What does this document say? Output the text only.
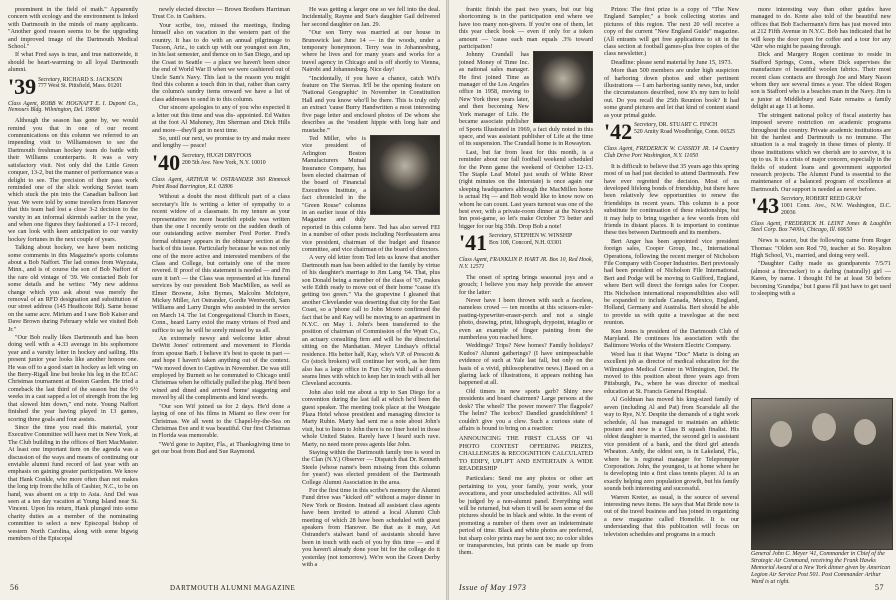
preeminent in the field of math." Apparently concern with ecology and the environment is linked with Dartmouth in the minds of many applicants. "Another good reason seems to be the upgrading and improved image of the Dartmouth Medical School."

If what Fred says is true, and true nationwide, it should be heart-warming to all loyal Dartmouth alumni.

'39 Secretary, RICHARD S. JACKSON
777 West St. Pittsfield, Mass. 01201
Class Agent, ROBB W. HOGNAFT E. I. Dupont Co., Nemours Bldg. Wilmington, Del. 19898

Although the season has gone by, we would remind you that in one of our recent communications on this column we referred to an impending visit to Williamstown to see the Dartmouth freshman hockey team do battle with their Williams counterparts. It was a very satisfactory visit. Not only did the Little Green conquer, 13-2, but the manner of performance was a delight to see. The precision of their pass work reminded one of the slick working Soviet team which stuck the pin into the Canadian balloon last year. We were told by some travelers from Hanover that this team had lost a close 3-2 decision to the varsity in an informal skirmish earlier in the year, and when one figures they fashioned a 17-1 record, we can look with keen anticipation to our varsity hockey fortunes in the next couple of years.

Talking about hockey, we have been noticing some comments in this Magazine's sports columns about a Bob Naffort. The lad comes from Wayzata, Minn., and is of course the son of Bob Naffort of the rare old vintage of '39. We contacted Bob for some details and he writes: "My new address change which you ask about was merely the removal of an RFD designation and substitution of our street address (145 Heathcote Rd). Same house on the same acre. Mirium and I saw Bob Kaiser and Dave Brown during February while we visited Bob Jr."

"Our Bob really likes Dartmouth and has been doing well with a 4.33 average in his sophomore year and a varsity letter in hockey and sailing. His present junior year looks like another honors one. He was off to a good start in hockey as left wing on the Berry-Rigall line but broke his leg in the ECAC Christmas tournament at Boston Garden. He tried a comeback the last third of the season but the 6½ weeks in a cast sapped a lot of strength from the leg that slowed him down," end note. Young Naffort finished the year having played in 13 games, scoring three goals and four assists.

Since the time you read this material, your Executive Committee will have met in New York, at The Club building in the offices of Bert MacMaster. At least one important item on the agenda was a discussion of the ways and means of continuing our enviable alumni fund record of last year with an emphasis on gaining greater participation. We know that Hank Conkle, who more often than not makes the long trip from the hills of Cashier, N.C., to be on hand, was absent on a trip to Asia. And Del was seen at a ten day vacation at Young Island near St. Vincent. Upon his return, Hank plunged into some charity duties as a member of the nominating committee to select a new Episcopal bishop of western North Carolina, along with some bigwig members of the Episcopal

newly elected director — Brown Brothers Harriman Trust Co. in Cashiers.

Your scribe, too, missed the meetings, finding himself also on vacation in the western part of the country. It has to do with an annual pilgrimage to Tucson, Ariz., to catch up with our youngest son Jim, in his last semester, and thence on to San Diego, and up the Coast to Seattle — a place we haven't been since the end of World War II when we were cashiered out of Uncle Sam's Navy. This last is the reason you might find this column a touch thin in that, rather than carry the column's sundry items onward we have a list of class addresses to send in to this column.

Our sincere apologies to any of you who expected it a letter out this time and was dis- appointed. Ed Waites at the foot Al Mahoney, Jim Sherman and Dick Hills and more—they'll get in next time.

So, until our next, we promise to try and make more and lengthy — peace!

'40 Secretary, HUGH DRYFOOS
200 5th Ave. New York, N.Y. 10010
Class Agent, ARTHUR W. OSTRANDER 360 Rimmock Point Road Barrington, R.I. 02806

Without a doubt the most difficult part of a class secretary's life is writing a letter of sympathy to a recent widow of a classmate. In my tenure as your representative no more heartfelt epistle was written than the one I recently wrote on the sudden death of our outstanding active member Fred Porter. Fred's formal obituary appears in the obituary section at the back of this issue. Particularly because he was not only one of the more active and interested members of the Class and College, but certainly one of the more revered. If proof of this statement is needed — and I'm sure it isn't — the Class was represented at his funeral services by our president Bob MacMillen, as well as Elmer Browne, John Byrnes, Malcolm McIntyre, Mickey Miller, Art Ostrander, Gordie Wentworth, Sam Williams and Larry Durgin who assisted in the service on March 14. The 1st Congregational Church in Essex, Conn., heard Larry extol the many virtues of Fred and suffice to say he will be sorely missed by us all.

An extremely newsy and welcome letter about DeWitt Jones' retirement and movement to Florida from spouse Barb. I believe it's best to quote in part — and hope I haven't taken anything out of the context. "We moved down to Captiva in November. De was still employed by Burnett so he commuted to Chicago until Christmas when he officially pulled the plug. He'd been wined and dined and arrived 'home' staggering and moved by all the compliments and kind words.

"Our son Wif joined us for 2 days. He'd done a laying of one of his films in Miami so flew over for Christmas. We all went to the Chapel-by-the-Sea on Christmas Eve and it was beautiful. Our first Christmas in Florida was memorable.

"We'd gone to Jupiter, Fla., at Thanksgiving time to get our boat from Bud and Sue Raymond.

He was getting a larger one so we fell into the deal. Incidentally, Rayme and Sue's daughter Gail delivered her second daughter on Jan. 29.

"Our son Terry was married at our house in Brunswick last June 14 — in the woods, under a temporary honeymoon. Terry was in Johannesburg, where he lives and for many years and works for a travel agency in Chicago and is off shortly to Vienna, Nairobi and Johannesburg. Nice day!

"Incidentally, if you have a chance, catch Wif's feature on The Sierras. It'll be the opening feature on 'National Geographic' in November in Constitution Hall and you know who'll be there. This is truly only an extract 'cause Burry Handwritten a most interesting five page letter and enclosed photos of De whom she describes as the 'resident hippie with long hair and mustache.'"

Ted Miller, who is vice president of Arlington Boston Manufacturers Mutual Insurance Company, has been elected chairman of the board of Financial Executives Institute, a fact chronicled in the "Green Rouse" columns in an earlier issue of this Magazine and duly reported in this column here. Ted has also served FEI in a number of other posts including Northeastern area vice president, chairman of the budget and finance committee, and vice chairman of the board of directors.

A very old letter from Ted lets us know that another Dartmouth man has been added to the family by virtue of his daughter's marriage to Jim Lang '64. That, plus son Donald being a member of the class of '67, makes wife Edith ready to move out of their home "cause it's getting too green." Via the grapevine I gleaned that another Clevelander was deserting that city for the East Coast, so a 'phone call to John Moore confirmed the fact that he and Kay will be moving to an apartment in N.Y.C. on May 1. John's been transferred to the position of chairman of Commission of the Wyatt Co., an actuary consulting firm and will be the directorial sitting on the Manhattan. Meyer Lindsay's official residence. His better half, Kay, who's V.P. of Prescott & Co (stock brokers) will continue her work, as her firm also has a large office in Fun City with half a dozen seams lines with which to keep her in touch with all her Cleveland accounts.

John also told me about a trip to San Diego for a convention during the last fall at which he'd been the guest speaker. The meeting took place at the Westgate Plaza Hotel whose president and managing director is Marty Rubin. Marty had sent me a note about John's visit, but to listen to John there is no finer hotel in those whole United States. Rarely have I heard such rave. Marty, no need more press agents like John.

Staying within the Dartmouth family tree is word in the Clan (N.Y.) Observer — Dispatch that Dr. Kenneth Steele (whose name's been missing from this column for years!) was elected president of the Dartmouth College Alumni Association in the area.

For the first time in this scribe's memory the Alumni Fund drive was "kicked off" without a major dinner in New York or Boston. Instead all assistant class agents have been invited to attend a local Alumni Club meeting of which 28 have been scheduled with guest speakers from Hanover. Be that as it may, Art Ostrander's stalwart band of assistants should have been in touch with each of you by this time — and if you haven't already done your bit for the college do it yesterday (not tomorrow). We're won the Green Derby with a

56	DARTMOUTH ALUMNI MAGAZINE

frantic finish the past two years, but our big shortcoming is in the participation end where we have too many non-givers. If you're one of them, let this year check book — even if only for a token amount — 'cause each man equals .3% toward participation!

Johnny Crandall has joined Money of Time Inc. as national sales manager. He first joined Time as manager of the Los Angeles office in 1958, moving to New York three years later, and then becoming New York manager of Life. He became associate publisher of Sports Illustrated in 1969, a fact duly noted in this space, and was assistant publisher of Life at the time of its suspension. The Crandall home is in Rowayton.

Last, but far from least for this month, is a reminder about our fall football weekend scheduled for the Penn game the weekend of October 12-13. The Staple Leaf Motel just south of White River (right minutes on the Interstate) is once again our sleeping headquarters although the MacMillen home is actual Hq — and Bob would like to know now on whom he can count. Last years turnout was one of the best ever, with a private-room dinner at the Norwich Inn post-game, so let's make October 73 better and bigger for our big 35th. Drop Bob a note!

'41 Secretary, STEPHEN W. WINSHIP
Box 108, Concord, N.H. 03301
Class Agent, FRANKLIN P. HART JR. Box 10, Red Hook, N.Y. 12571

The onset of spring brings seasonal joys and a grouch; I believe you may help provide the answer for the latter:

Never have I been thrown with such a faceless, nameless crowd — ten months at this scissors-ruler-pasting-typewriter-eraser-perch and not a single photo, drawing, print, lithograph, drypoint, intaglio or even an example of finger painting from the numberless you reached here.

Weddings? Trips? New homes? Family holidays? Kudos? Alumni gatherings? (I have unimpeachable evidence of such at Yale last fall, but only on the basis of a vivid, philosopherative news.) Based on a glaring lack of illustrations, it appears nothing has happened at all.

Old timers in new sports garb? Shiny new presidents and board chairmen? Large persons at the desk? The wheel? The power mower? The flagpole? The helm? The icebox? Dandled grandchildren? I couldn't give you a clew. Such a curious state of affairs is bound to bring on a reaction:

ANNOUNCING THE FIRST CLASS OF '41 PHOTO CONTEST OFFERING PRIZES, CHALLENGES & RECOGNITION CALCULATED TO EDIFY, UPLIFT AND ENTERTAIN A WIDE READERSHIP

Particulars: Send me any photos or other art pertaining to you, your family, your work, your avocations, and your unscheduled activities. All will be judged by a non-alumni panel. Everything sent will be returned, but when it will be seen some of the pictures should be in black and white. In the event of promoting a number of them over an indeterminate period of time. Black and white photos are preferred, but sharp color prints may be sent too; no color slides or transparencies, but prints can be made up from them.

Prizes: The first prize is a copy of "The New England Sampler," a book collecting stories and pictures of this region. The next 20 will receive a copy of the current "New England Guide" magazine. (All entrants will get free applications to sit in the class section at football games-plus free copies of the class newsletter.)

Deadline: please send material by June 15, 1973.

More than 500 members are under high suspicion of harboring down photos and other pertinent illustrations — I am harboring sanity news, but, under the circumstances described, now it's my turn to hold out. Do you recall the 25th Reunion book? It had some grand pictures and let that kind of content stand as your primal guide.

'42 Secretary, DR. STUART C. FINCH
520 Amity Road Woodbridge, Conn. 06525
Class Agent, FREDERICK W. CASSIDY JR. 14 Country Club Drive Port Washington, N.Y. 11050

It is difficult to believe that 35 years ago this spring most of us had just decided to attend Dartmouth. Few have ever regretted the decision. Most of us developed lifelong bonds of friendship, but there have been relatively few opportunities to renew the friendships in recent years. This column is a poor substitute for continuation of these relationships, but it may help to bring together a few words from old friends in distant places. It is important to continue these ties between Dartmouth and its members.

Bert Anger has been appointed vice president foreign sales, Cooper Group, Inc., International Operations, following the recent merger of Nicholson File Company with Cooper Industries. Bert previously had been president of Nicholson File International. Bert and Podge will be moving to Guilford, England, where Bert will direct the foreign sales for Cooper. His Nicholson international responsibilities also will be expanded to include Canada, Mexico, England, Holland, Germany and Australia. Bert should be able to provide us with quite a travelogue at the next reunion.

Ken Jones is president of the Dartmouth Club of Maryland. He continues his association with the Baltimore Works of the Western Electric Company.

Word has it that Wayne "Doc" Martz is doing an excellent job as director of medical education for the Wilmington Medical Center in Wilmington, Del. He moved to this position about three years ago from Pittsburgh, Pa., where he was director of medical education at St. Francis General Hospital.

Al Goldman has moved his king-sized family of seven (including Al and Pat) from Scarsdale all the way to Rye, N.Y. Despite the demands of a tight work schedule, Al has managed to maintain an athletic posture and now is a Class B squash finalist. His oldest daughter is married, the second girl is assistant vice president of a bank, and the third girl attends Wheaton. Andy, the oldest son, is in Lakeland, Fla., where he is regional manager for Teleprompter Corporation. John, the youngest, is at home where he is developing into a first class tennis player. Al is an exactly helping zero population growth, but his family sounds both interesting and successful.

Warren Kreter, as usual, is the source of several interesting news items. He says that Mat Bride now is out of the travel business and has joined in organizing a new magazine called Homelife. It is our understanding that this publication will focus on television schedules and programs in a much

more interesting way than other guides have managed to do. Krete also told of the beautiful new offices that Bob Eschermann's firm has just moved into at 212 Fifth Avenue in N.Y.C. Bob has indicated that he will keep the door open for coffee and a tour for any '42er who might be passing through.

Dick and Margery Rogen continue to reside in Stafford Springs, Conn., where Dick supervises the manufacture of beautiful woolen fabrics. Their most recent class contacts are through Joe and Mary Nason whom they see several times a year. The oldest Rogen son is Stafford who is a beaches man in the Navy. Jim is a junior at Middlebury and Kate remains a family delight at age 11 at home.

The stringent national policy of fiscal austerity has imposed severe restriction on academic programs throughout the country. Private academic institutions are hit the hardest and Dartmouth is no immune. The situation is a real tragedy in these times of plenty. If those institutions which we cherish are to survive, it is up to us. It is a crisis of major concern, especially in the fields of student loans and government supported research projects. The Alumni Fund is essential to the maintenance of a balanced program of excellence at Dartmouth. Our support is needed as never before.

'43 Secretary, ROBERT REED GRAY
1001 Conn. Ave., N.W. Washington, D.C. 20036
Class Agent, FREDERICK H. LEINT Jones & Laughlin Steel Corp. Box 7400A, Chicago, Ill. 60650

News is scarce, but the following came from Roger Thomas: "Olden son Rod '70, teacher at So. Royalton High School, Vt., married, and doing very well.

"Daughter Cathy made us grandparents 7/5/71 (almost a firecracker) to a darling (naturally) girl — Karen, by name. I thought I'd be at least 50 before becoming 'Grandpa,' but I guess I'll just have to get used to sleeping with a

General John C. Meyer '41, Commander in Chief of the Strategic Air Command, receiving the Frank Hawks Memorial Award at a New York dinner given by American Legion Air Service Post 501. Post Commander Arthur Ward is at right.
Issue of May 1973	57
